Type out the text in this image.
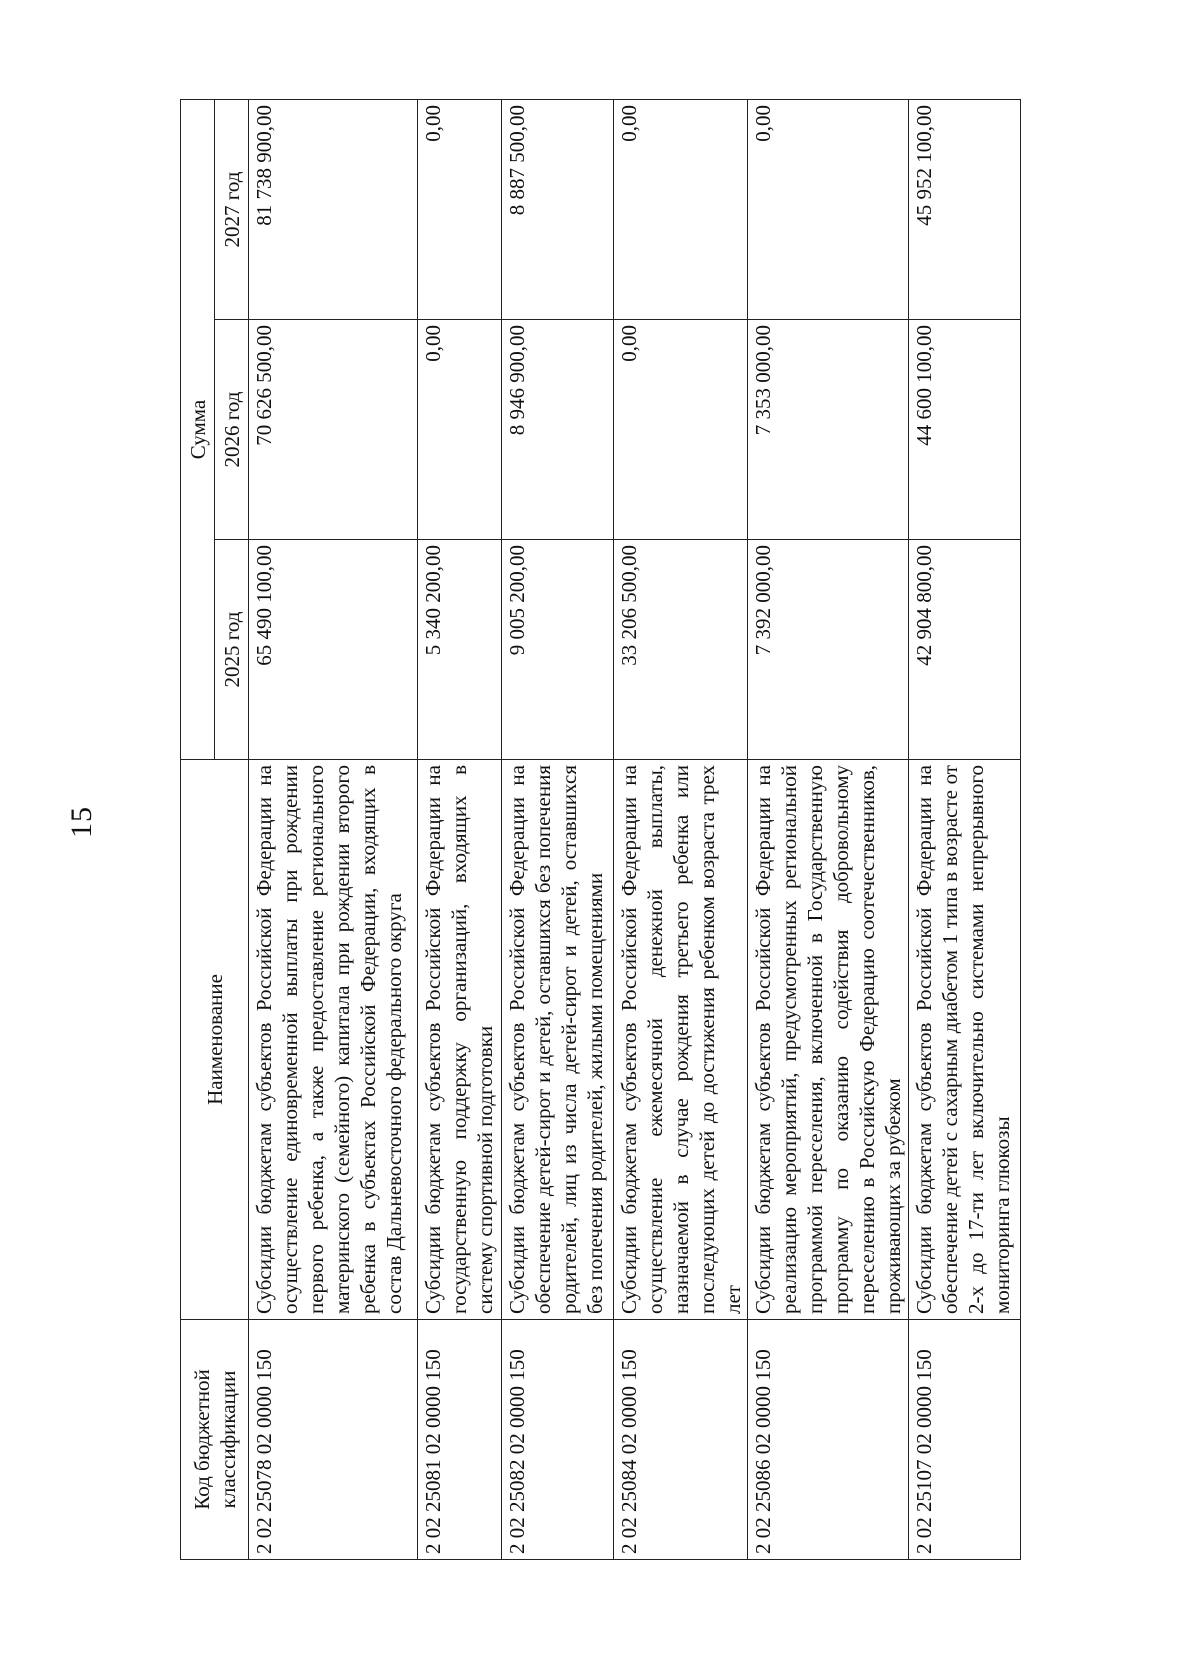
15
Код бюджетной классификации	Наименование	Сумма		
		2025 год	2026 год	2027 год
2 02 25078 02 0000 150	Субсидии бюджетам субъектов Российской Федерации на осуществление единовременной выплаты при рождении первого ребенка, а также предоставление регионального материнского (семейного) капитала при рождении второго ребенка в субъектах Российской Федерации, входящих в состав Дальневосточного федерального округа	65 490 100,00	70 626 500,00	81 738 900,00
2 02 25081 02 0000 150	Субсидии бюджетам субъектов Российской Федерации на государственную поддержку организаций, входящих в систему спортивной подготовки	5 340 200,00	0,00	0,00
2 02 25082 02 0000 150	Субсидии бюджетам субъектов Российской Федерации на обеспечение детей-сирот и детей, оставшихся без попечения родителей, лиц из числа детей-сирот и детей, оставшихся без попечения родителей, жилыми помещениями	9 005 200,00	8 946 900,00	8 887 500,00
2 02 25084 02 0000 150	Субсидии бюджетам субъектов Российской Федерации на осуществление ежемесячной денежной выплаты, назначаемой в случае рождения третьего ребенка или последующих детей до достижения ребенком возраста трех лет	33 206 500,00	0,00	0,00
2 02 25086 02 0000 150	Субсидии бюджетам субъектов Российской Федерации на реализацию мероприятий, предусмотренных региональной программой переселения, включенной в Государственную программу по оказанию содействия добровольному переселению в Российскую Федерацию соотечественников, проживающих за рубежом	7 392 000,00	7 353 000,00	0,00
2 02 25107 02 0000 150	Субсидии бюджетам субъектов Российской Федерации на обеспечение детей с сахарным диабетом 1 типа в возрасте от 2-х до 17-ти лет включительно системами непрерывного мониторинга глюкозы	42 904 800,00	44 600 100,00	45 952 100,00
